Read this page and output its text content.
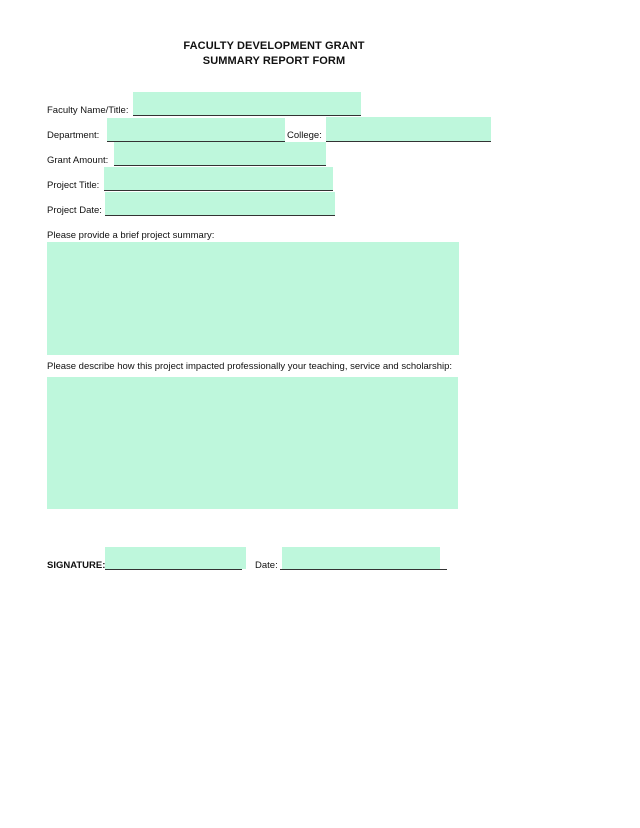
FACULTY DEVELOPMENT GRANT
SUMMARY REPORT FORM
Faculty Name/Title:
Department:	College:
Grant Amount:
Project Title:
Project Date:
Please provide a brief project summary:
Please describe how this project impacted professionally your teaching, service and scholarship:
SIGNATURE:	Date:
